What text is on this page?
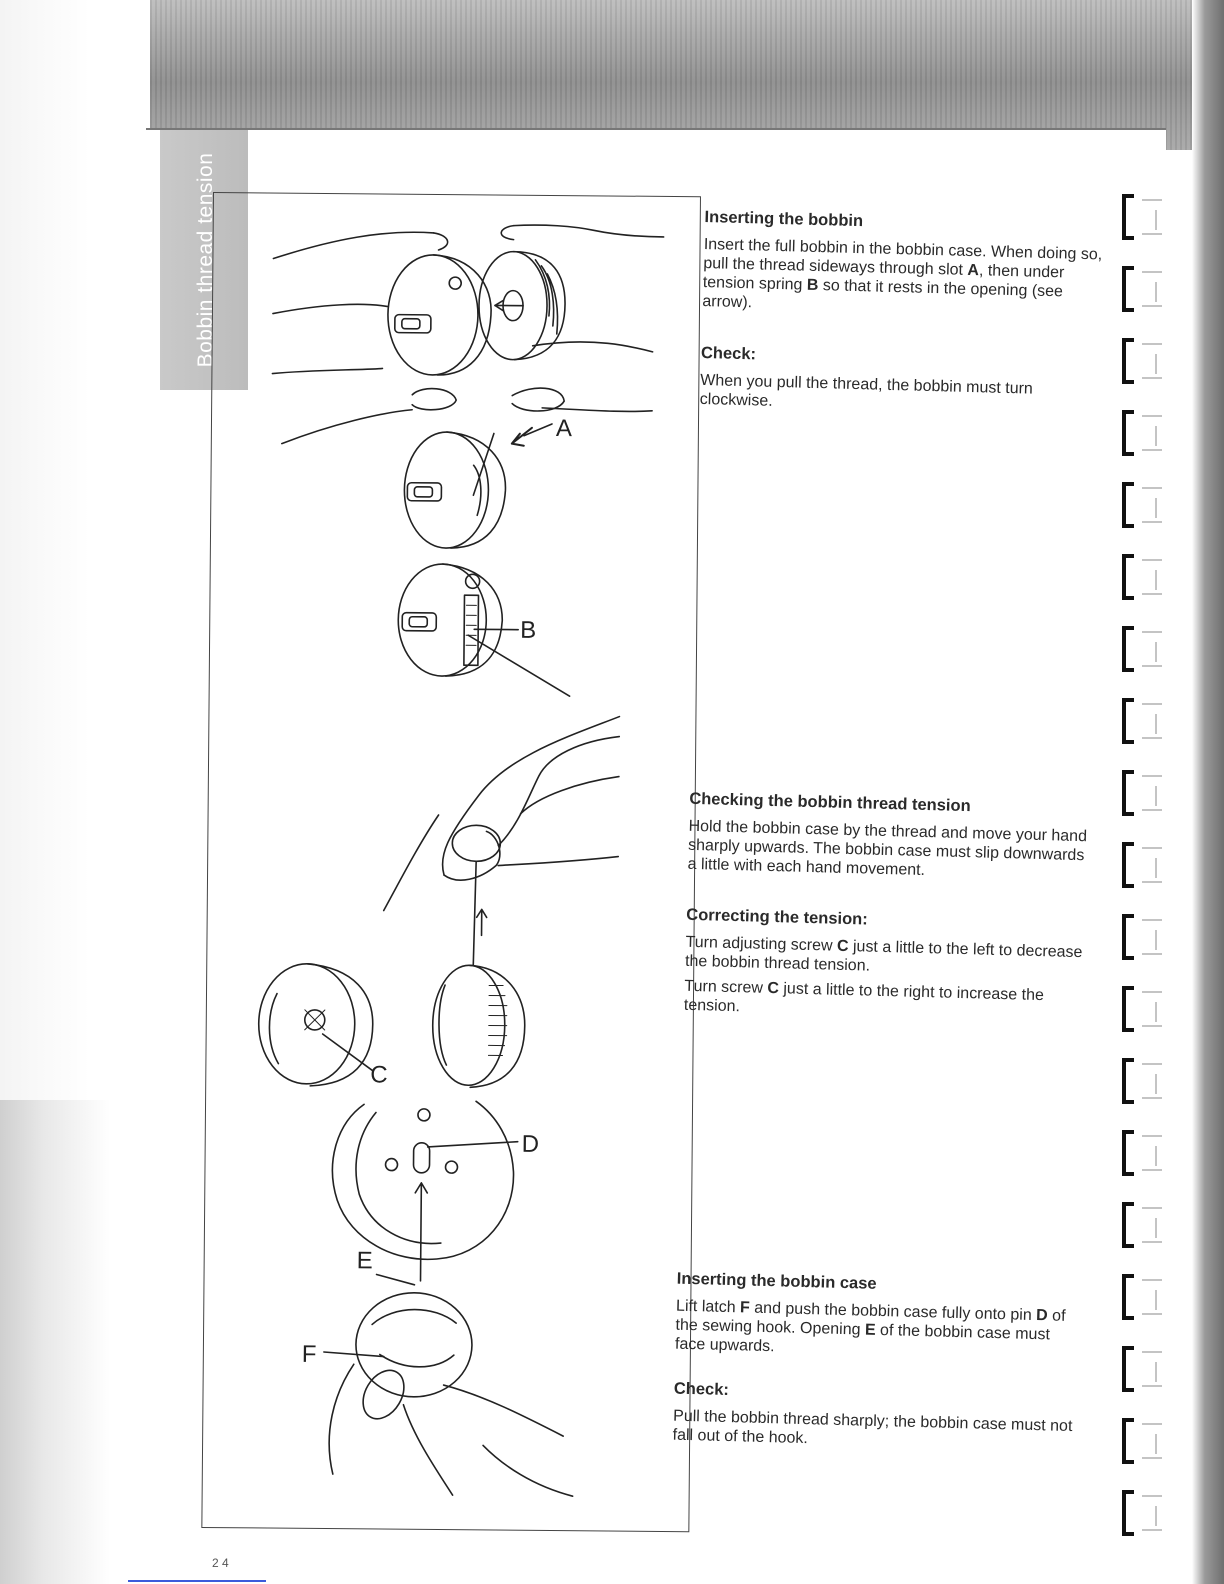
Bobbin thread tension
A
B
C
D
E
F
Inserting the bobbin

Insert the full bobbin in the bobbin case. When doing so, pull the thread sideways through slot A, then under tension spring B so that it rests in the opening (see arrow).

Check:

When you pull the thread, the bobbin must turn clockwise.

Checking the bobbin thread tension

Hold the bobbin case by the thread and move your hand sharply upwards. The bobbin case must slip downwards a little with each hand movement.

Correcting the tension:

Turn adjusting screw C just a little to the left to decrease the bobbin thread tension.

Turn screw C just a little to the right to increase the tension.

Inserting the bobbin case

Lift latch F and push the bobbin case fully onto pin D of the sewing hook. Opening E of the bobbin case must face upwards.

Check:

Pull the bobbin thread sharply; the bobbin case must not fall out of the hook.

2 4
